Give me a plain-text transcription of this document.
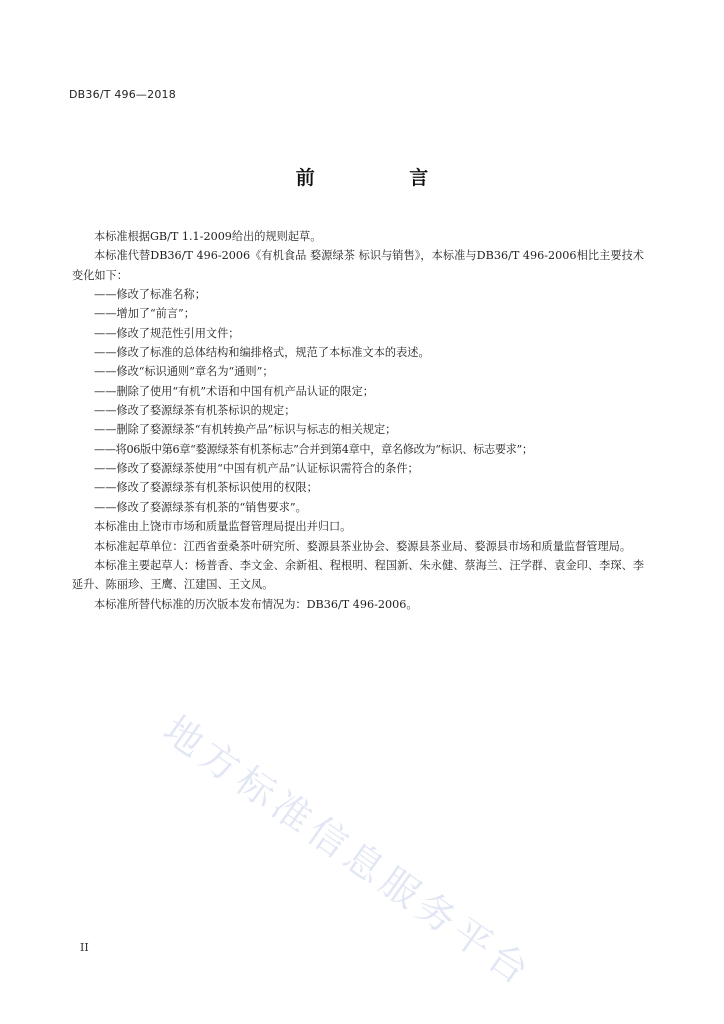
DB36/T 496—2018
前 言

本标准根据GB/T 1.1-2009给出的规则起草。

本标准代替DB36/T 496-2006《有机食品 婺源绿茶 标识与销售》，本标准与DB36/T 496-2006相比主要技术变化如下：

——修改了标准名称；

——增加了“前言”；

——修改了规范性引用文件；

——修改了标准的总体结构和编排格式，规范了本标准文本的表述。

——修改“标识通则”章名为“通则”；

——删除了使用“有机”术语和中国有机产品认证的限定；

——修改了婺源绿茶有机茶标识的规定；

——删除了婺源绿茶“有机转换产品”标识与标志的相关规定；

——将06版中第6章“婺源绿茶有机茶标志”合并到第4章中，章名修改为“标识、标志要求”；

——修改了婺源绿茶使用“中国有机产品”认证标识需符合的条件；

——修改了婺源绿茶有机茶标识使用的权限；

——修改了婺源绿茶有机茶的“销售要求”。

本标准由上饶市市场和质量监督管理局提出并归口。

本标准起草单位：江西省蚕桑茶叶研究所、婺源县茶业协会、婺源县茶业局、婺源县市场和质量监督管理局。

本标准主要起草人：杨普香、李文金、余新祖、程根明、程国新、朱永健、蔡海兰、汪学群、袁金印、李琛、李延升、陈丽珍、王鹰、江建国、王文凤。

本标准所替代标准的历次版本发布情况为：DB36/T 496-2006。

地方标准信息服务平台
II
